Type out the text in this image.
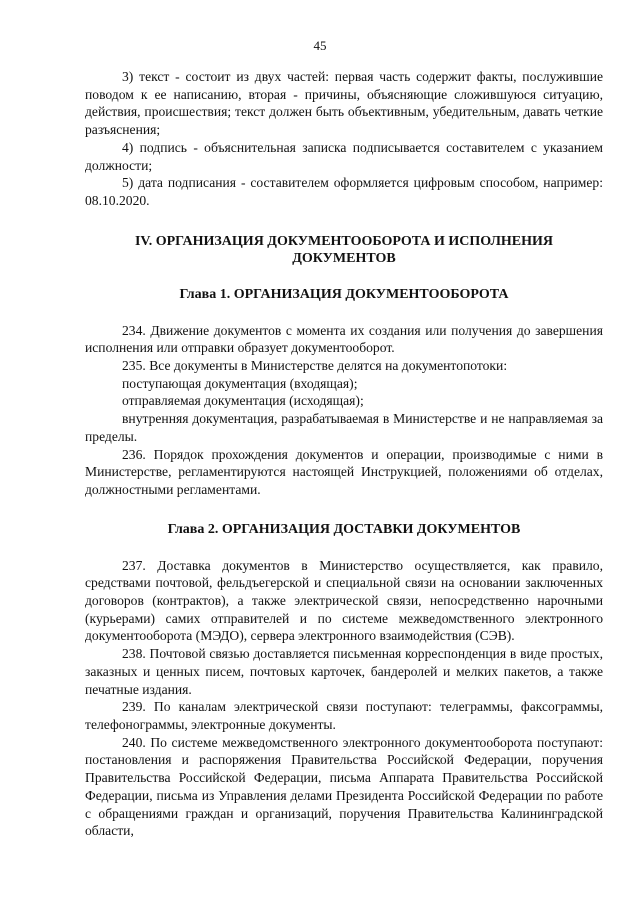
45

3) текст - состоит из двух частей: первая часть содержит факты, послужившие поводом к ее написанию, вторая - причины, объясняющие сложившуюся ситуацию, действия, происшествия; текст должен быть объективным, убедительным, давать четкие разъяснения;

4) подпись - объяснительная записка подписывается составителем с указанием должности;

5) дата подписания - составителем оформляется цифровым способом, например: 08.10.2020.

IV. ОРГАНИЗАЦИЯ ДОКУМЕНТООБОРОТА И ИСПОЛНЕНИЯ ДОКУМЕНТОВ
Глава 1. ОРГАНИЗАЦИЯ ДОКУМЕНТООБОРОТА

234. Движение документов с момента их создания или получения до завершения исполнения или отправки образует документооборот.

235. Все документы в Министерстве делятся на документопотоки:

поступающая документация (входящая);

отправляемая документация (исходящая);

внутренняя документация, разрабатываемая в Министерстве и не направляемая за пределы.

236. Порядок прохождения документов и операции, производимые с ними в Министерстве, регламентируются настоящей Инструкцией, положениями об отделах, должностными регламентами.

Глава 2. ОРГАНИЗАЦИЯ ДОСТАВКИ ДОКУМЕНТОВ

237. Доставка документов в Министерство осуществляется, как правило, средствами почтовой, фельдъегерской и специальной связи на основании заключенных договоров (контрактов), а также электрической связи, непосредственно нарочными (курьерами) самих отправителей и по системе межведомственного электронного документооборота (МЭДО), сервера электронного взаимодействия (СЭВ).

238. Почтовой связью доставляется письменная корреспонденция в виде простых, заказных и ценных писем, почтовых карточек, бандеролей и мелких пакетов, а также печатные издания.

239. По каналам электрической связи поступают: телеграммы, факсограммы, телефонограммы, электронные документы.

240. По системе межведомственного электронного документооборота поступают: постановления и распоряжения Правительства Российской Федерации, поручения Правительства Российской Федерации, письма Аппарата Правительства Российской Федерации, письма из Управления делами Президента Российской Федерации по работе с обращениями граждан и организаций, поручения Правительства Калининградской области,
